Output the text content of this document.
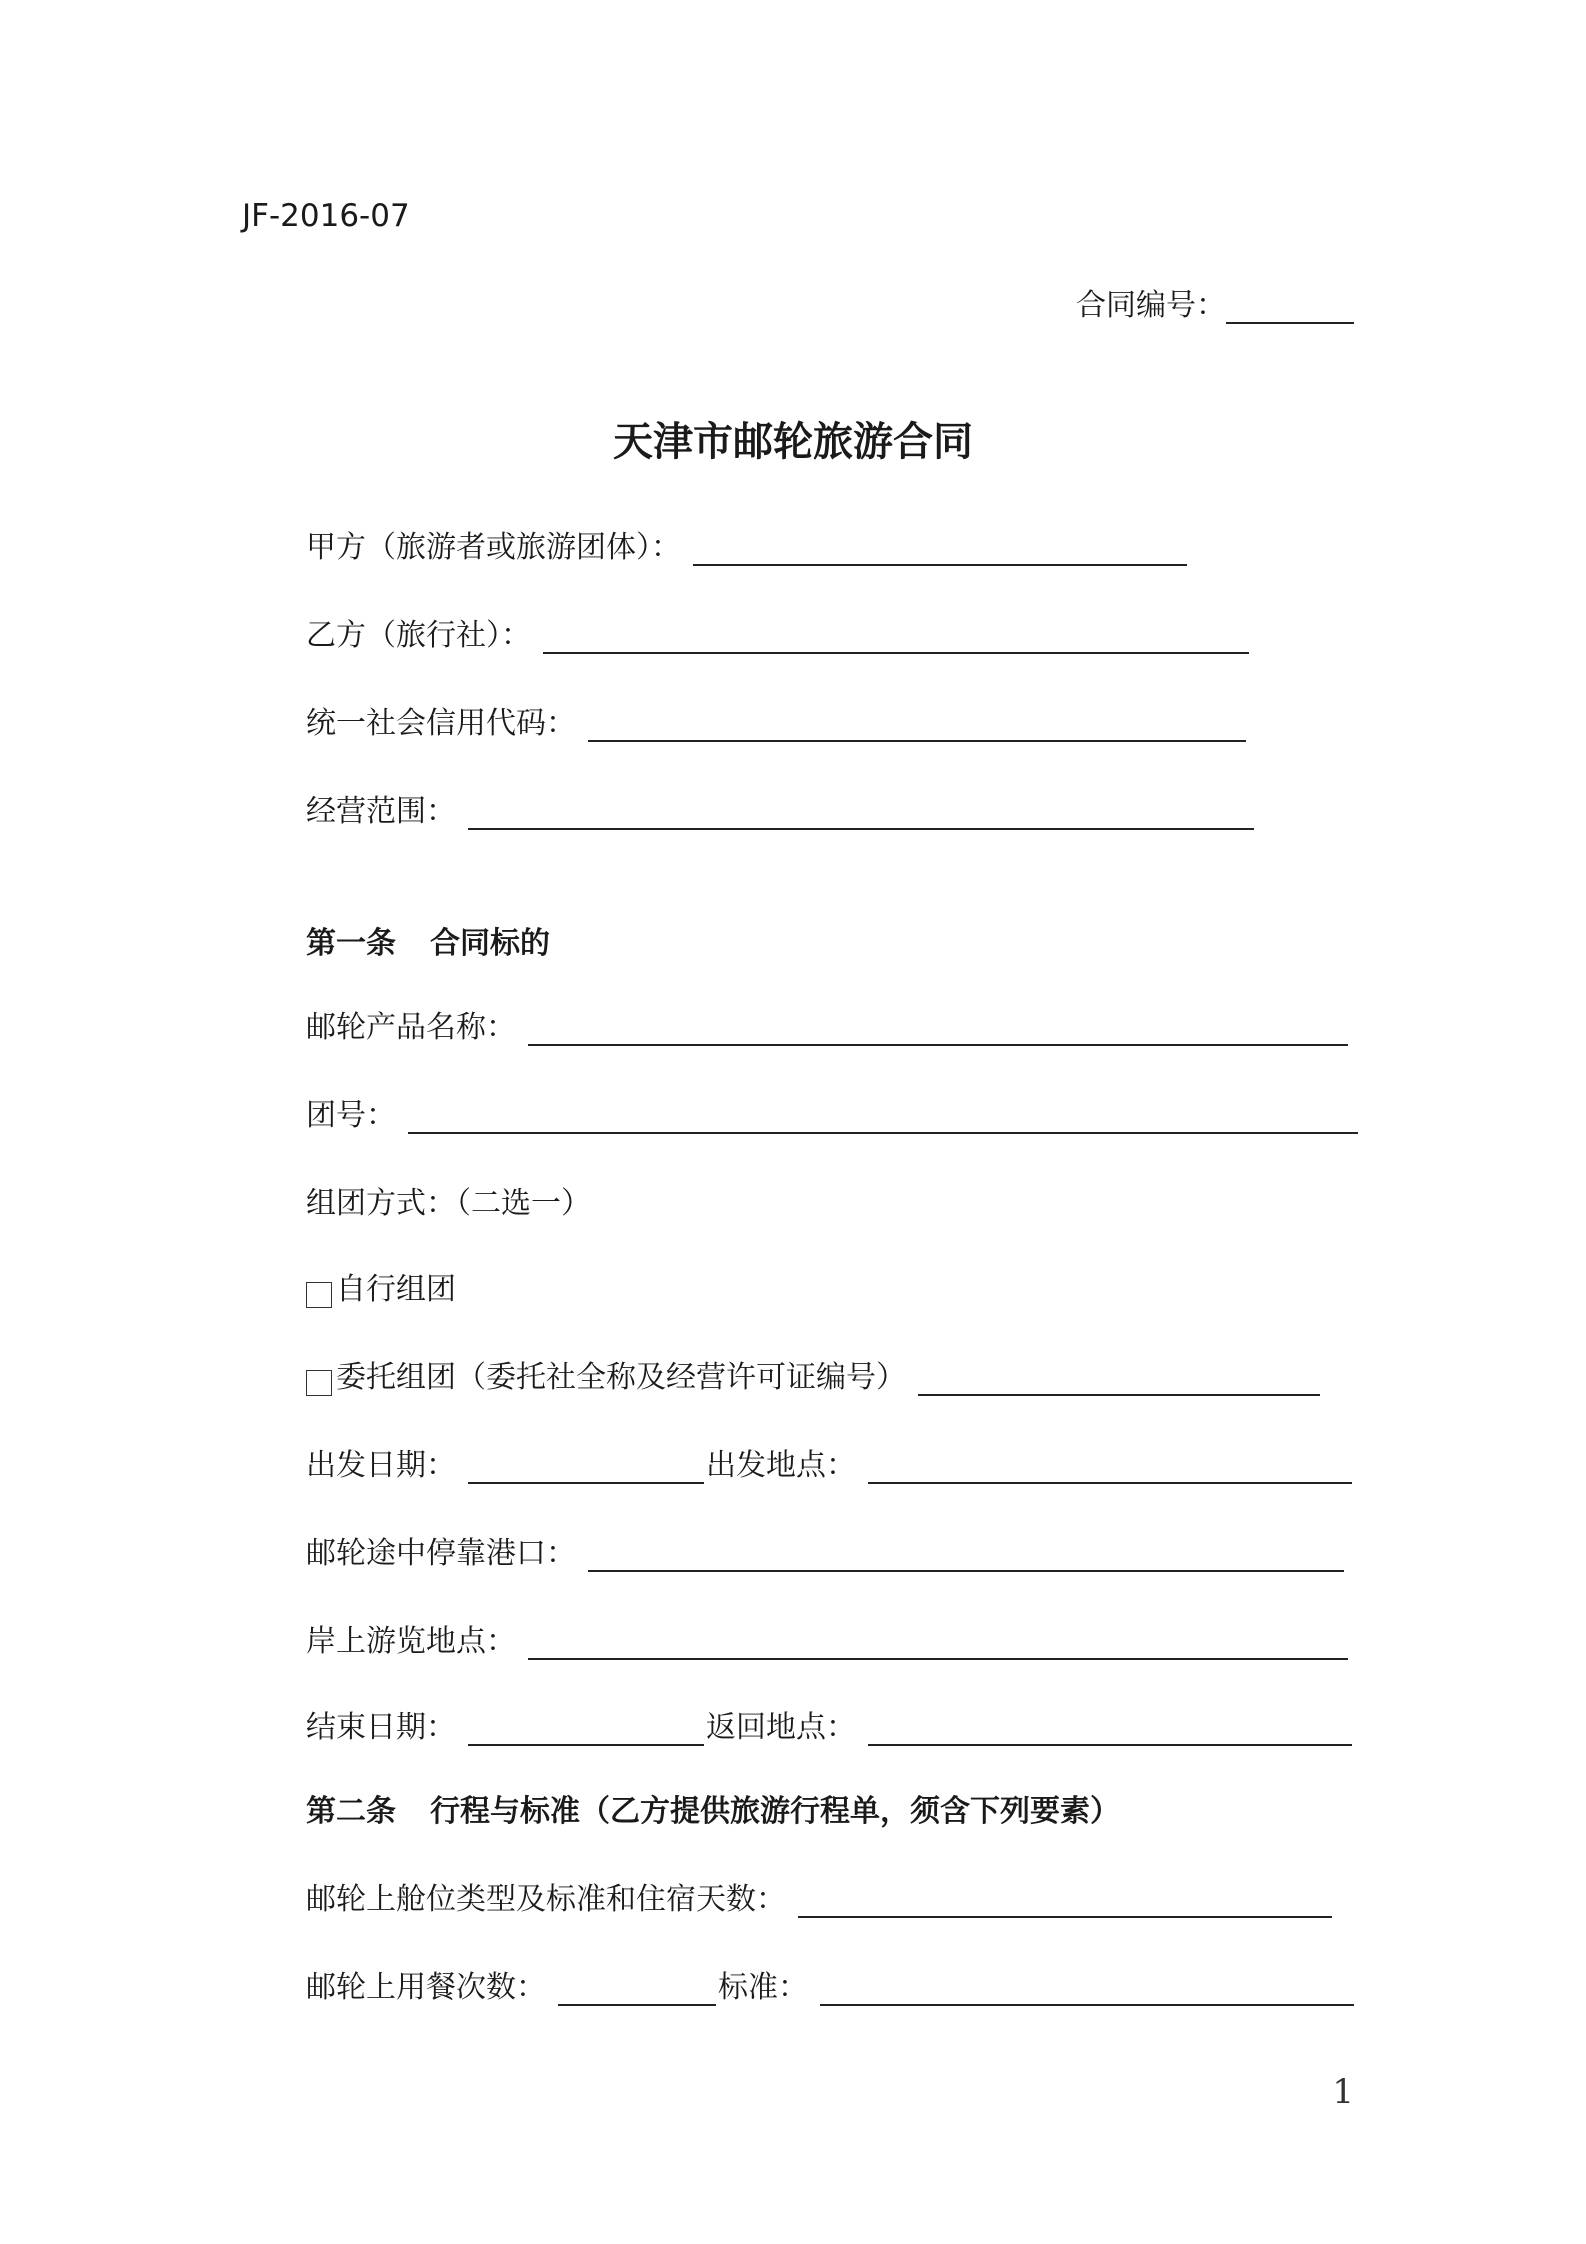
JF-2016-07
合同编号：
天津市邮轮旅游合同
甲方（旅游者或旅游团体）：
乙方（旅行社）：
统一社会信用代码：
经营范围：
第一条 合同标的
邮轮产品名称：
团号：
组团方式：（二选一）
自行组团
委托组团（委托社全称及经营许可证编号）
出发日期：	出发地点：
邮轮途中停靠港口：
岸上游览地点：
结束日期：	返回地点：
第二条 行程与标准（乙方提供旅游行程单，须含下列要素）
邮轮上舱位类型及标准和住宿天数：
邮轮上用餐次数：	标准：
1
